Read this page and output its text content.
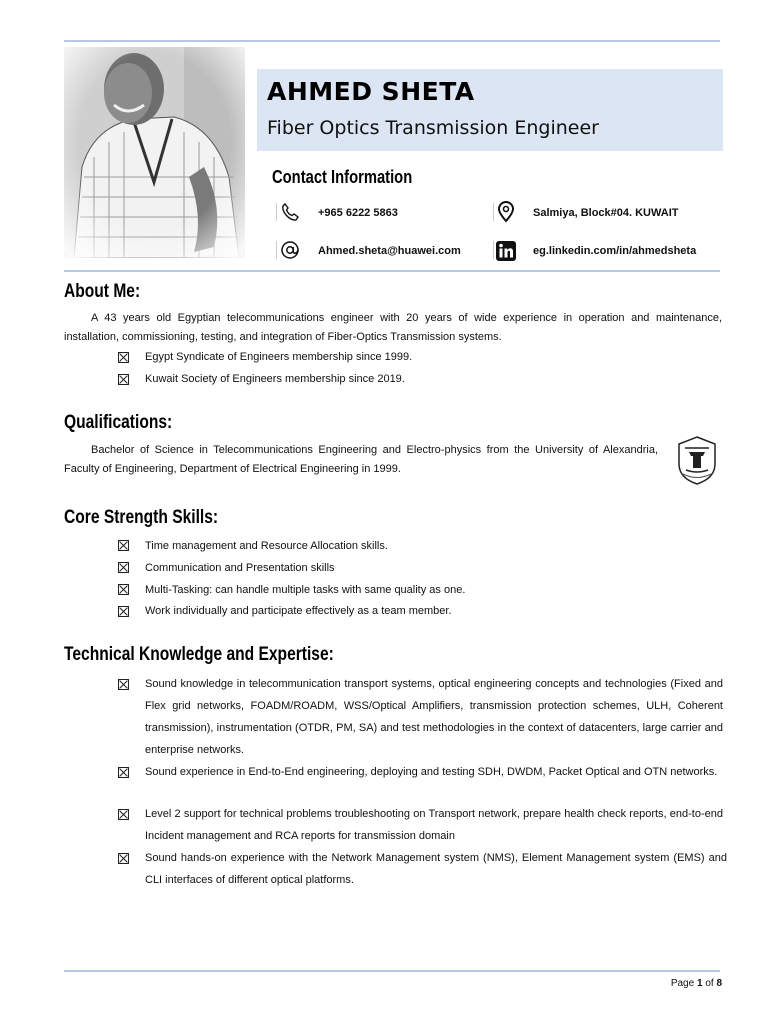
AHMED SHETA
Fiber Optics Transmission Engineer
Contact Information
+965 6222 5863	Salmiya, Block#04. KUWAIT
Ahmed.sheta@huawei.com	eg.linkedin.com/in/ahmedsheta
About Me:
A 43 years old Egyptian telecommunications engineer with 20 years of wide experience in operation and maintenance, installation, commissioning, testing, and integration of Fiber-Optics Transmission systems.
Egypt Syndicate of Engineers membership since 1999.
Kuwait Society of Engineers membership since 2019.
Qualifications:
Bachelor of Science in Telecommunications Engineering and Electro-physics from the University of Alexandria, Faculty of Engineering, Department of Electrical Engineering in 1999.
Core Strength Skills:
Time management and Resource Allocation skills.
Communication and Presentation skills
Multi-Tasking: can handle multiple tasks with same quality as one.
Work individually and participate effectively as a team member.
Technical Knowledge and Expertise:
Sound knowledge in telecommunication transport systems, optical engineering concepts and technologies (Fixed and Flex grid networks, FOADM/ROADM, WSS/Optical Amplifiers, transmission protection schemes, ULH, Coherent transmission), instrumentation (OTDR, PM, SA) and test methodologies in the context of datacenters, large carrier and enterprise networks.
Sound experience in End-to-End engineering, deploying and testing SDH, DWDM, Packet Optical and OTN networks.
Level 2 support for technical problems troubleshooting on Transport network, prepare health check reports, end-to-end Incident management and RCA reports for transmission domain
Sound hands-on experience with the Network Management system (NMS), Element Management system (EMS) and CLI interfaces of different optical platforms.
Page 1 of 8
